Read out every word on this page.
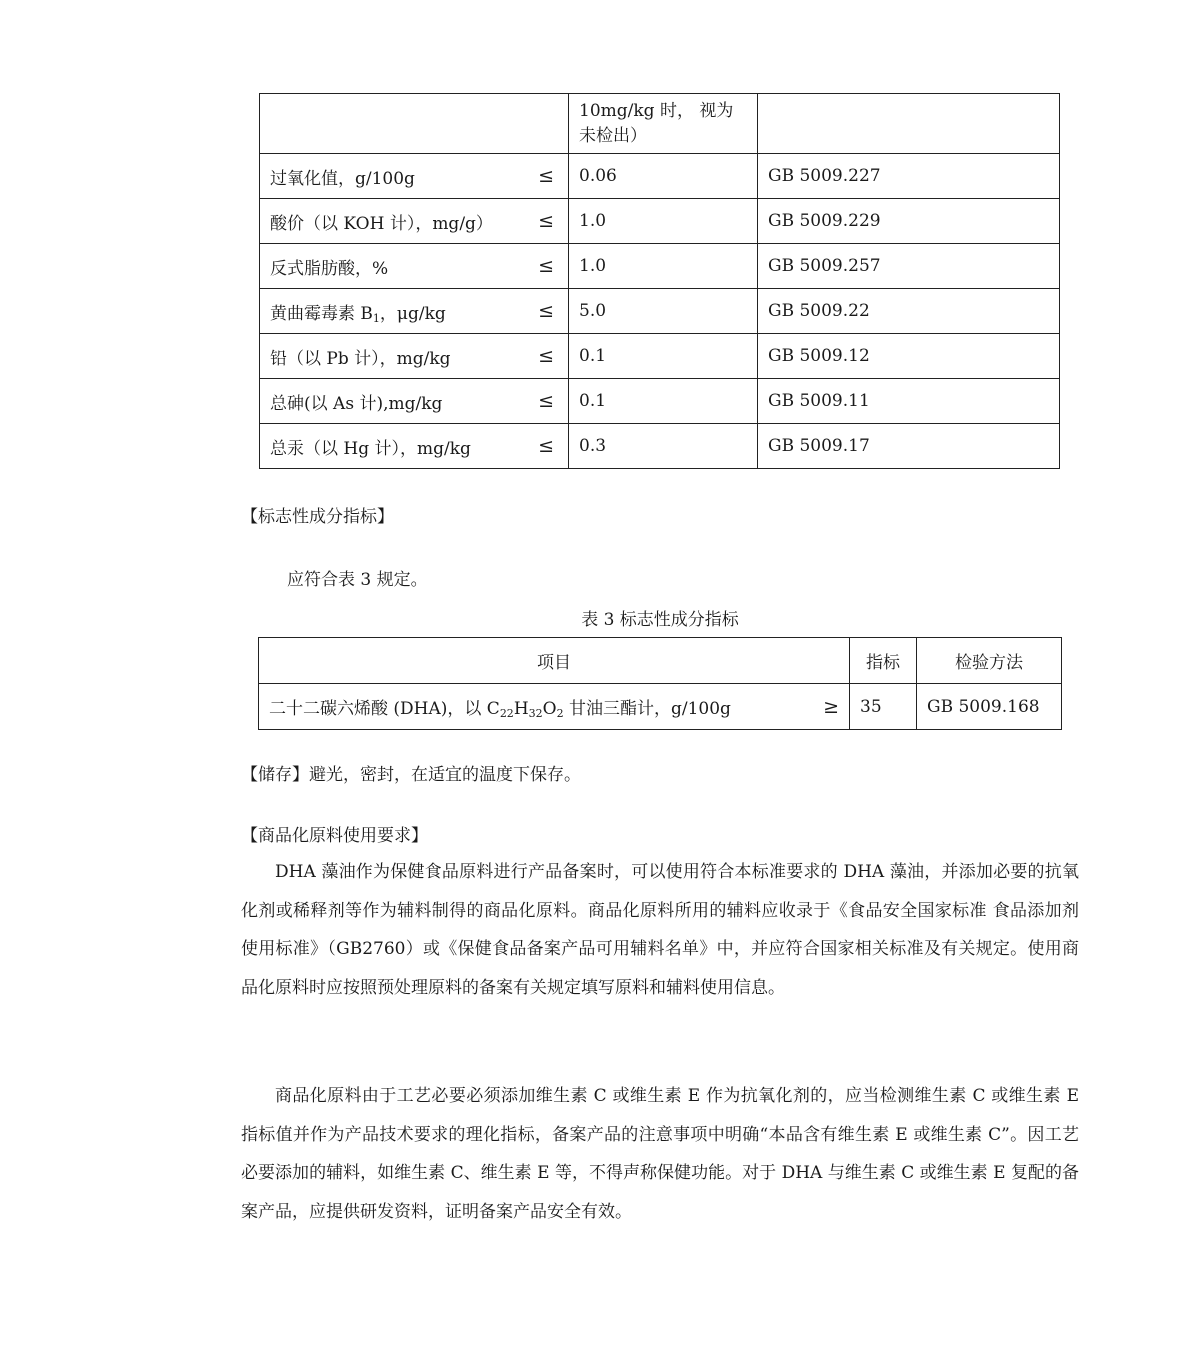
	10mg/kg 时， 视为未检出）	
过氧化值，g/100g ≤	0.06	GB 5009.227
酸价（以 KOH 计），mg/g） ≤	1.0	GB 5009.229
反式脂肪酸，% ≤	1.0	GB 5009.257
黄曲霉毒素 $B_1$，μg/kg ≤	5.0	GB 5009.22
铅（以 Pb 计），mg/kg ≤	0.1	GB 5009.12
总砷(以 As 计),mg/kg ≤	0.1	GB 5009.11
总汞（以 Hg 计），mg/kg ≤	0.3	GB 5009.17
【标志性成分指标】
应符合表 3 规定。
表 3 标志性成分指标
项目	指标	检验方法
二十二碳六烯酸 (DHA)，以 $C_{22}H_{32}O_2$ 甘油三酯计，g/100g ≥	35	GB 5009.168
【储存】避光，密封，在适宜的温度下保存。
【商品化原料使用要求】
DHA 藻油作为保健食品原料进行产品备案时，可以使用符合本标准要求的 DHA 藻油，并添加必要的抗氧化剂或稀释剂等作为辅料制得的商品化原料。商品化原料所用的辅料应收录于《食品安全国家标准 食品添加剂使用标准》（GB2760）或《保健食品备案产品可用辅料名单》中，并应符合国家相关标准及有关规定。使用商品化原料时应按照预处理原料的备案有关规定填写原料和辅料使用信息。
商品化原料由于工艺必要必须添加维生素 C 或维生素 E 作为抗氧化剂的，应当检测维生素 C 或维生素 E 指标值并作为产品技术要求的理化指标，备案产品的注意事项中明确“本品含有维生素 E 或维生素 C”。因工艺必要添加的辅料，如维生素 C、维生素 E 等，不得声称保健功能。对于 DHA 与维生素 C 或维生素 E 复配的备案产品，应提供研发资料，证明备案产品安全有效。
